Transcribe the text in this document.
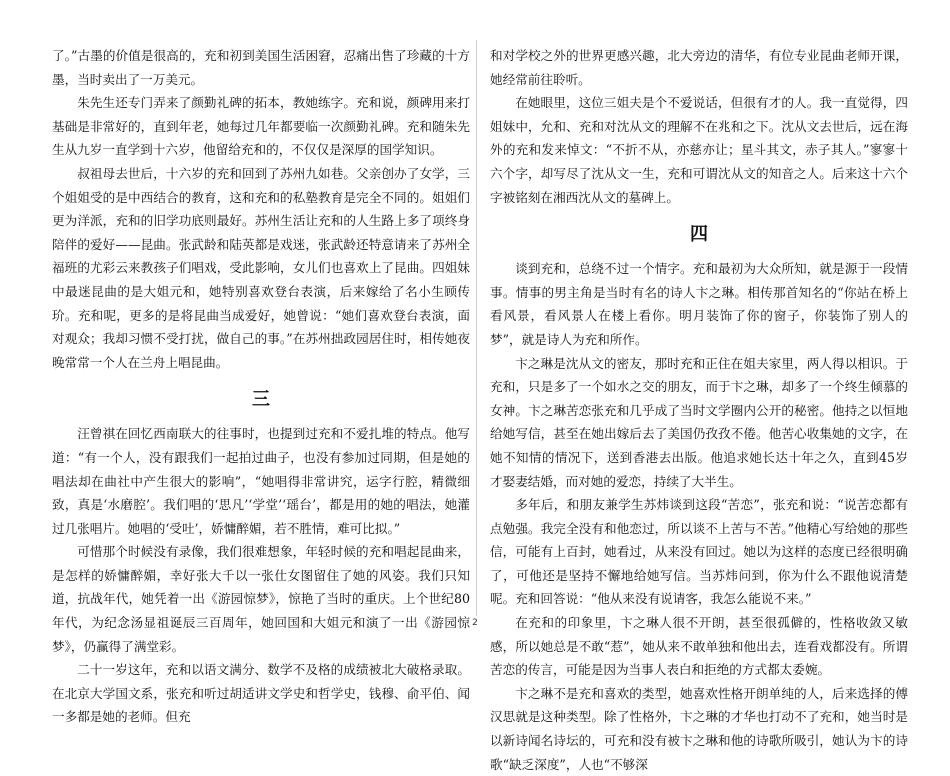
了。”古墨的价值是很高的，充和初到美国生活困窘，忍痛出售了珍藏的十方墨，当时卖出了一万美元。

朱先生还专门弄来了颜勤礼碑的拓本，教她练字。充和说，颜碑用来打基础是非常好的，直到年老，她每过几年都要临一次颜勤礼碑。充和随朱先生从九岁一直学到十六岁，他留给充和的，不仅仅是深厚的国学知识。

叔祖母去世后，十六岁的充和回到了苏州九如巷。父亲创办了女学，三个姐姐受的是中西结合的教育，这和充和的私塾教育是完全不同的。姐姐们更为洋派，充和的旧学功底则最好。苏州生活让充和的人生路上多了项终身陪伴的爱好——昆曲。张武龄和陆英都是戏迷，张武龄还特意请来了苏州全福班的尤彩云来教孩子们唱戏，受此影响，女儿们也喜欢上了昆曲。四姐妹中最迷昆曲的是大姐元和，她特别喜欢登台表演，后来嫁给了名小生顾传玠。充和呢，更多的是将昆曲当成爱好，她曾说：“她们喜欢登台表演，面对观众；我却习惯不受打扰，做自己的事。”在苏州拙政园居住时，相传她夜晚常常一个人在兰舟上唱昆曲。

三

汪曾祺在回忆西南联大的往事时，也提到过充和不爱扎堆的特点。他写道：“有一个人，没有跟我们一起拍过曲子，也没有参加过同期，但是她的唱法却在曲社中产生很大的影响”，“她唱得非常讲究，运字行腔，精微细致，真是‘水磨腔’。我们唱的‘思凡’‘学堂’‘瑶台’，都是用的她的唱法，她灌过几张唱片。她唱的‘受吐’，娇慵醉媚，若不胜情，难可比拟。”

可惜那个时候没有录像，我们很难想象，年轻时候的充和唱起昆曲来，是怎样的娇慵醉媚，幸好张大千以一张仕女图留住了她的风姿。我们只知道，抗战年代，她凭着一出《游园惊梦》，惊艳了当时的重庆。上个世纪80年代，为纪念汤显祖诞辰三百周年，她回国和大姐元和演了一出《游园惊梦》，仍赢得了满堂彩。

二十一岁这年，充和以语文满分、数学不及格的成绩被北大破格录取。在北京大学国文系，张充和听过胡适讲文学史和哲学史，钱穆、俞平伯、闻一多都是她的老师。但充

和对学校之外的世界更感兴趣，北大旁边的清华，有位专业昆曲老师开课，她经常前往聆听。

在她眼里，这位三姐夫是个不爱说话，但很有才的人。我一直觉得，四姐妹中，允和、充和对沈从文的理解不在兆和之下。沈从文去世后，远在海外的充和发来悼文：“不折不从，亦慈亦让；星斗其文，赤子其人。”寥寥十六个字，却写尽了沈从文一生，充和可谓沈从文的知音之人。后来这十六个字被铭刻在湘西沈从文的墓碑上。

四

谈到充和，总绕不过一个情字。充和最初为大众所知，就是源于一段情事。情事的男主角是当时有名的诗人卞之琳。相传那首知名的“你站在桥上看风景，看风景人在楼上看你。明月装饰了你的窗子，你装饰了别人的梦”，就是诗人为充和所作。

卞之琳是沈从文的密友，那时充和正住在姐夫家里，两人得以相识。于充和，只是多了一个如水之交的朋友，而于卞之琳，却多了一个终生倾慕的女神。卞之琳苦恋张充和几乎成了当时文学圈内公开的秘密。他持之以恒地给她写信，甚至在她出嫁后去了美国仍孜孜不倦。他苦心收集她的文字，在她不知情的情况下，送到香港去出版。他追求她长达十年之久，直到45岁才娶妻结婚，而对她的爱恋，持续了大半生。

多年后，和朋友兼学生苏炜谈到这段“苦恋”，张充和说：“说苦恋都有点勉强。我完全没有和他恋过，所以谈不上苦与不苦。”他精心写给她的那些信，可能有上百封，她看过，从来没有回过。她以为这样的态度已经很明确了，可他还是坚持不懈地给她写信。当苏炜问到，你为什么不跟他说清楚呢。充和回答说：“他从来没有说请客，我怎么能说不来。”

在充和的印象里，卞之琳人很不开朗，甚至很孤僻的，性格收敛又敏感，所以她总是不敢“惹”，她从来不敢单独和他出去，连看戏都没有。所谓苦恋的传言，可能是因为当事人表白和拒绝的方式都太委婉。

卞之琳不是充和喜欢的类型，她喜欢性格开朗单纯的人，后来选择的傅汉思就是这种类型。除了性格外，卞之琳的才华也打动不了充和，她当时是以新诗闻名诗坛的，可充和没有被卞之琳和他的诗歌所吸引，她认为卞的诗歌“缺乏深度”，人也“不够深

2
